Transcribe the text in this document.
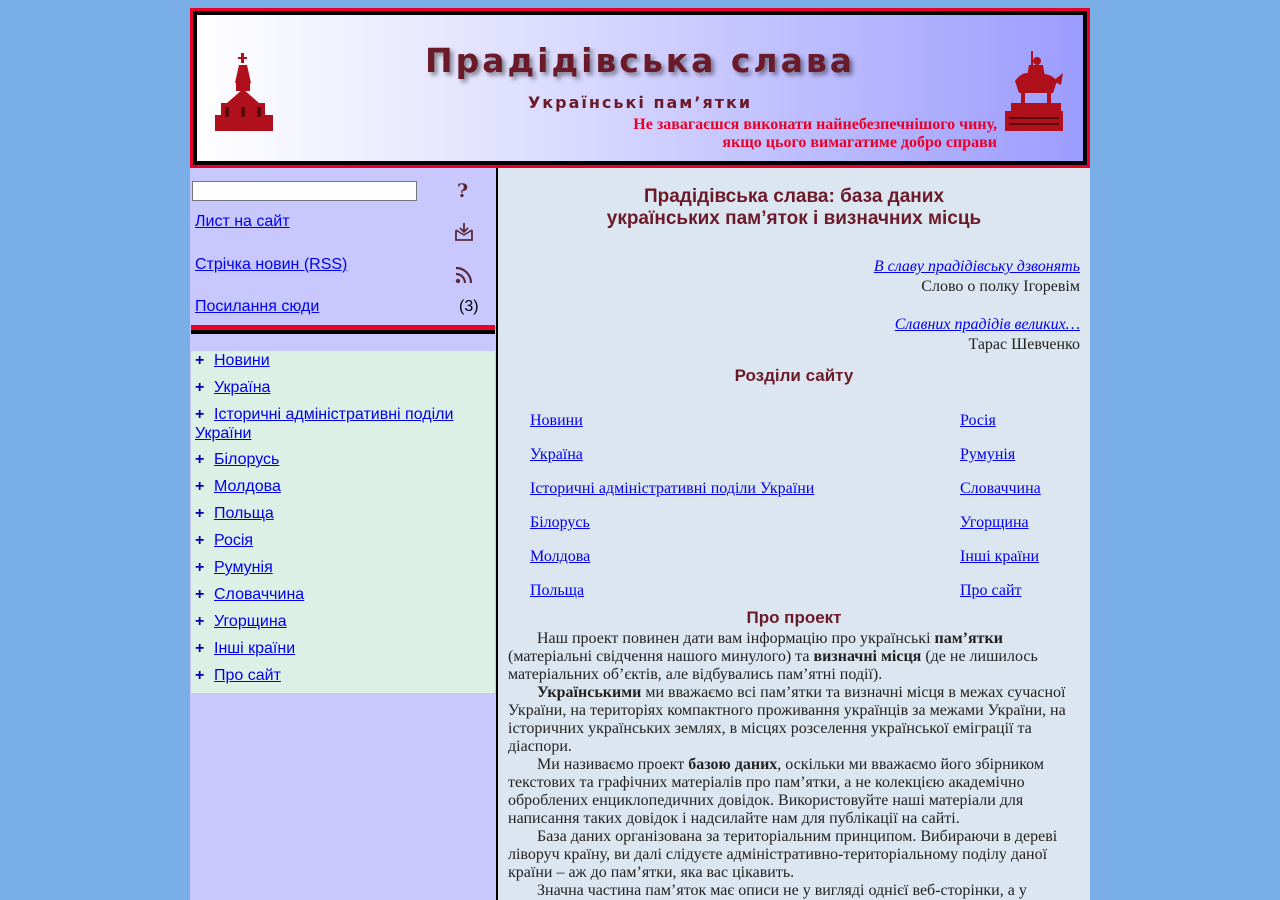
Прадідівська слава
Українські пам’ятки
Не завагаєшся виконати найнебезпечнішого чину,
якщо цього вимагатиме добро справи
?
Лист на сайт
Стрічка новин (RSS)
Посилання сюди	(3)
+ Новини
+ Україна
+ Історичні адміністративні поділи України
+ Білорусь
+ Молдова
+ Польща
+ Росія
+ Румунія
+ Словаччина
+ Угорщина
+ Інші країни
+ Про сайт
Прадідівська слава: база даних
українських пам’яток і визначних місць
В славу прадідівську дзвонять
Слово о полку Ігоревім
Славних прадідів великих…
Тарас Шевченко
Розділи сайту
Новини
Україна
Історичні адміністративні поділи України
Білорусь
Молдова
Польща
Росія
Румунія
Словаччина
Угорщина
Інші країни
Про сайт
Про проект

Наш проект повинен дати вам інформацію про українські пам’ятки (матеріальні свідчення нашого минулого) та визначні місця (де не лишилось матеріальних об’єктів, але відбувались пам’ятні події).

Українськими ми вважаємо всі пам’ятки та визначні місця в межах сучасної України, на територіях компактного проживання українців за межами України, на історичних українських землях, в місцях розселення української еміграції та діаспори.

Ми називаємо проект базою даних, оскільки ми вважаємо його збірником текстових та графічних матеріалів про пам’ятки, а не колекцією академічно оброблених енциклопедичних довідок. Використовуйте наші матеріали для написання таких довідок і надсилайте нам для публікації на сайті.

База даних організована за територіальним принципом. Вибираючи в дереві ліворуч країну, ви далі слідуєте адміністративно-територіальному поділу даної країни – аж до пам’ятки, яка вас цікавить.

Значна частина пам’яток має описи не у вигляді однієї веб-сторінки, а у
